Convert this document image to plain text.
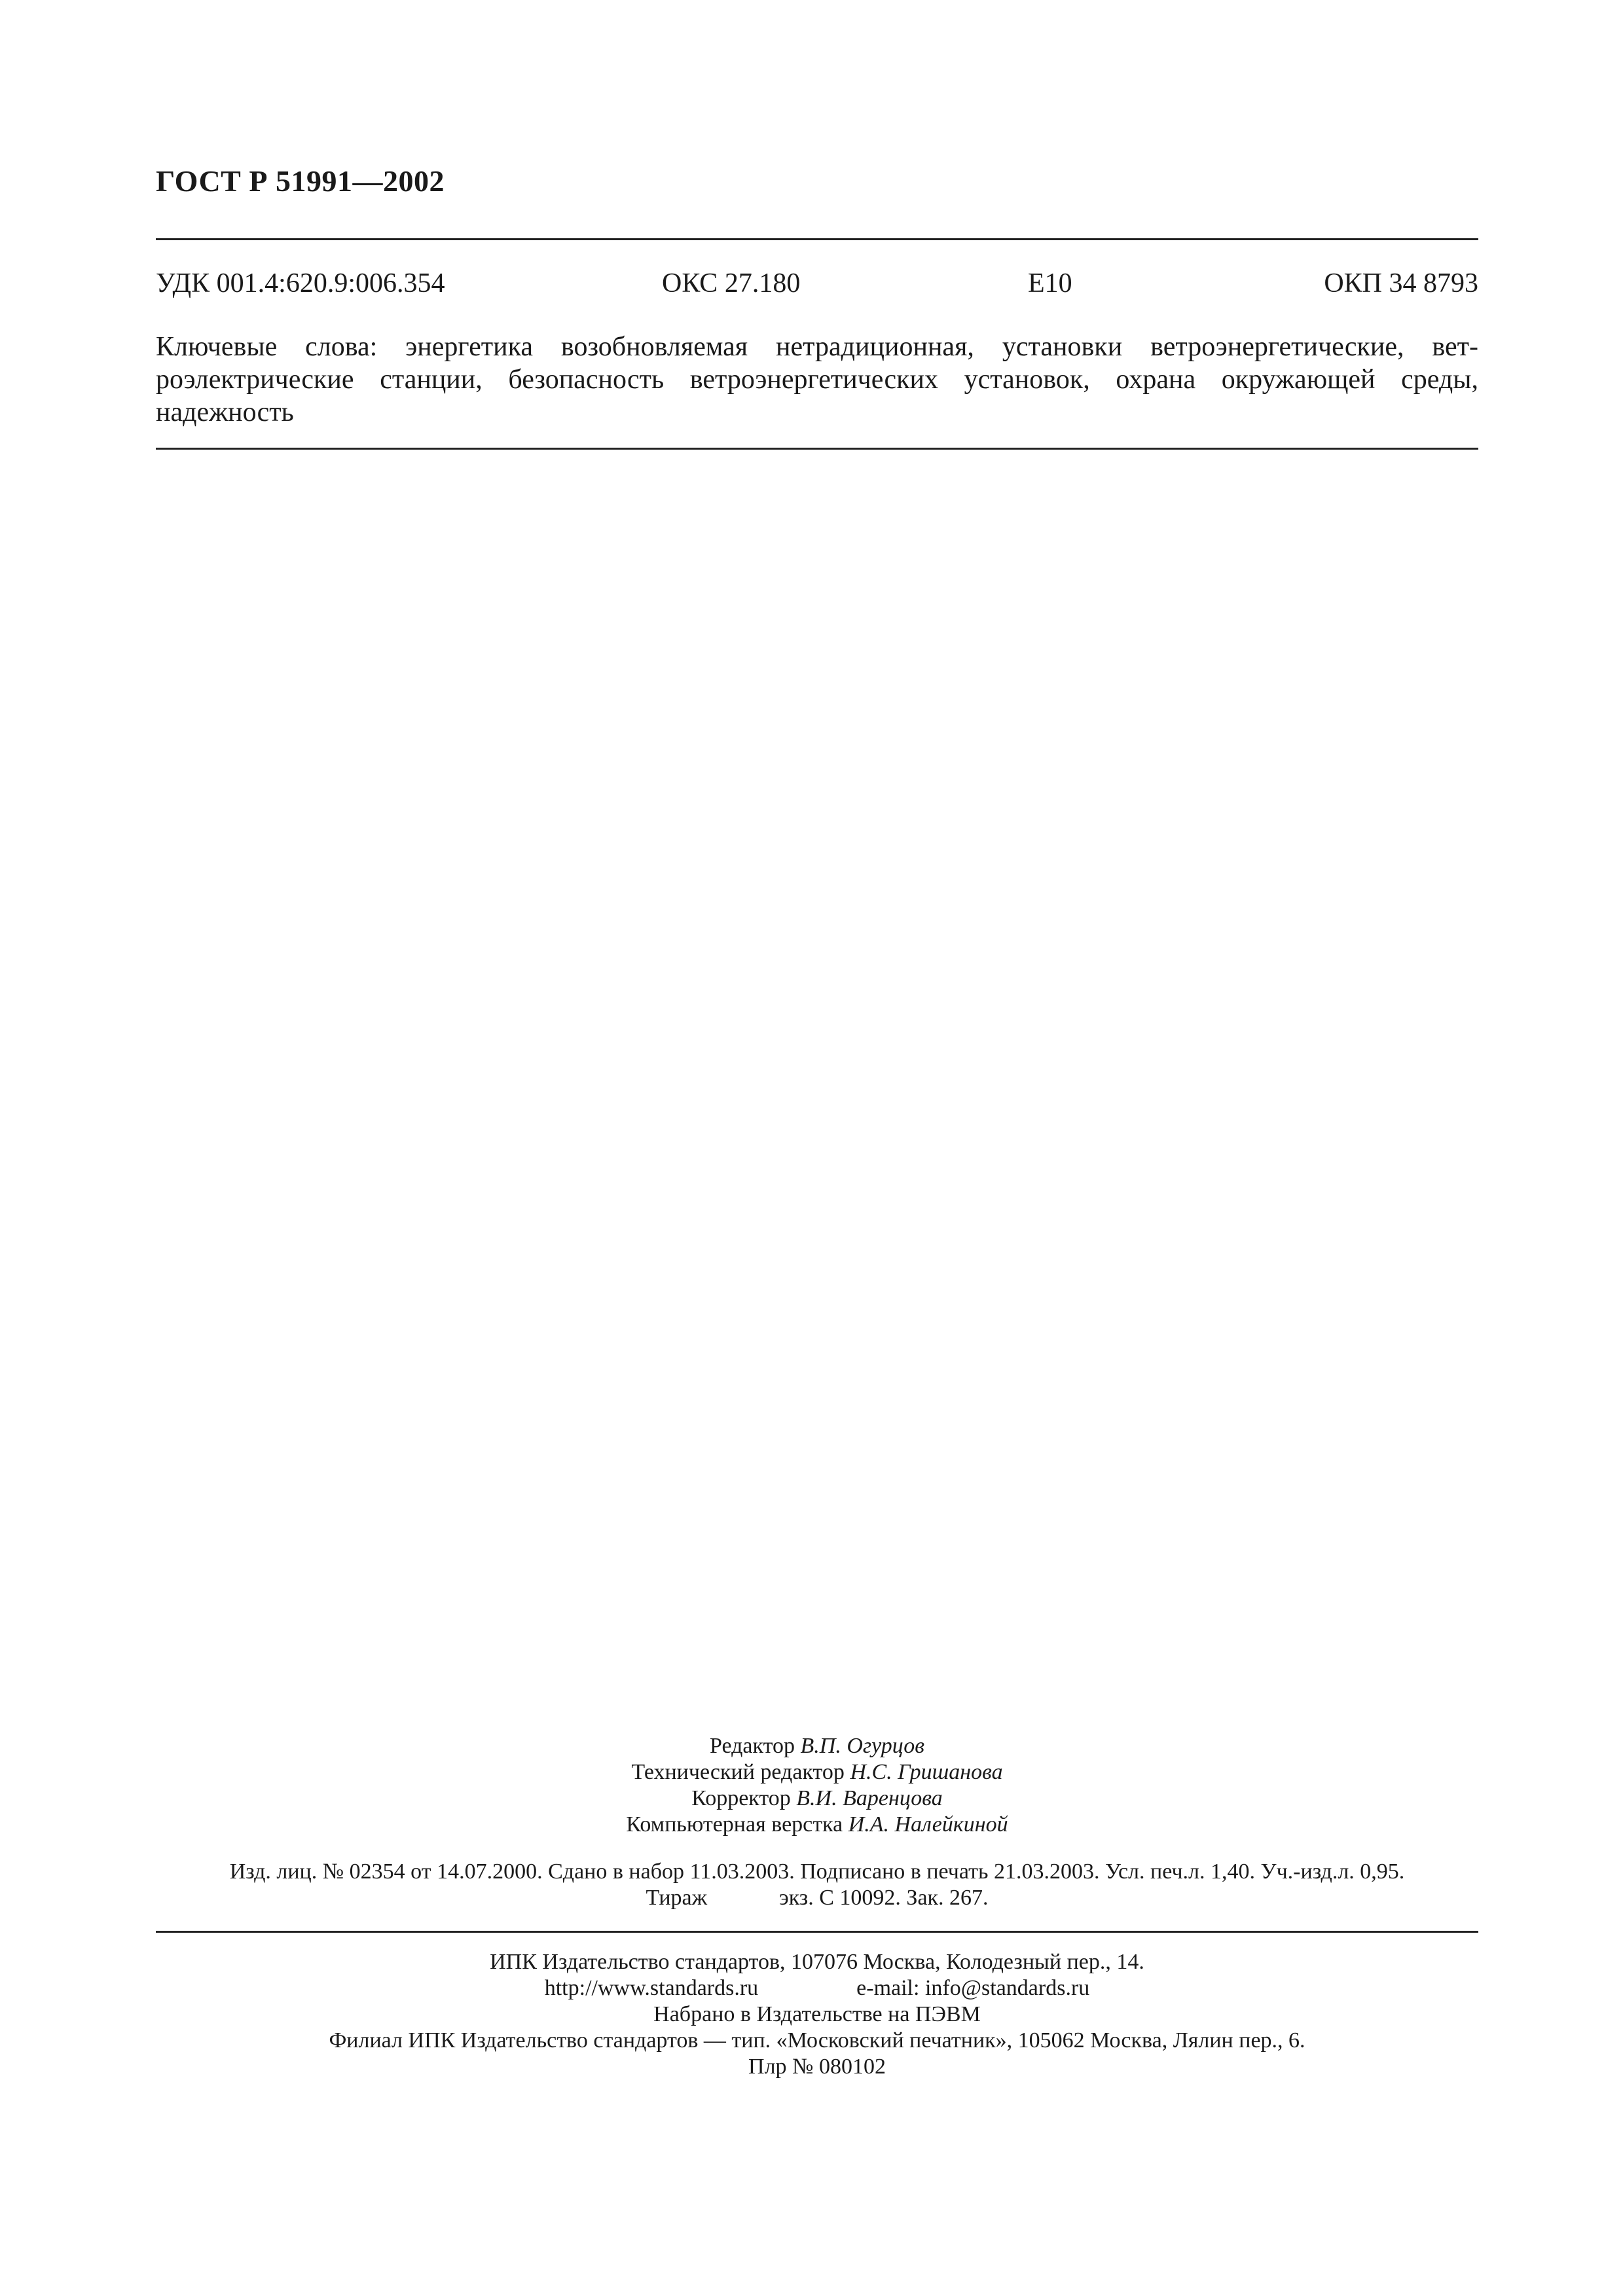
ГОСТ Р 51991—2002
УДК 001.4:620.9:006.354	ОКС 27.180	Е10	ОКП 34 8793
Ключевые слова: энергетика возобновляемая нетрадиционная, установки ветроэнергетические, вет-
роэлектрические станции, безопасность ветроэнергетических установок, охрана окружающей среды,
надежность
Редактор В.П. Огурцов
Технический редактор Н.С. Гришанова
Корректор В.И. Варенцова
Компьютерная верстка И.А. Налейкиной
Изд. лиц. № 02354 от 14.07.2000. Сдано в набор 11.03.2003. Подписано в печать 21.03.2003. Усл. печ.л. 1,40. Уч.-изд.л. 0,95.
Тираж	экз. С 10092. Зак. 267.
ИПК Издательство стандартов, 107076 Москва, Колодезный пер., 14.
http://www.standards.ru	e-mail: info@standards.ru
Набрано в Издательстве на ПЭВМ
Филиал ИПК Издательство стандартов — тип. «Московский печатник», 105062 Москва, Лялин пер., 6.
Плр № 080102
